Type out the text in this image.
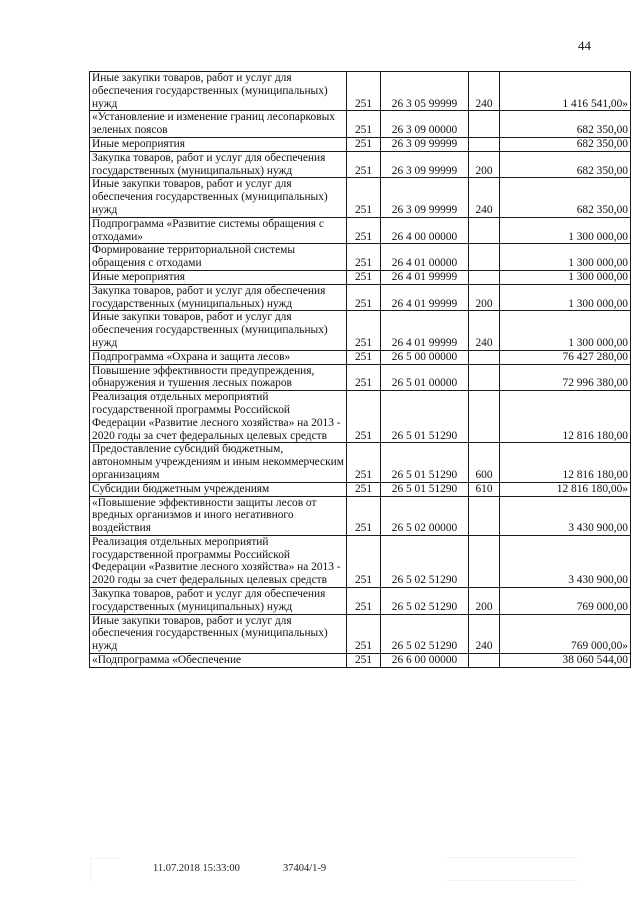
44
Иные закупки товаров, работ и услуг для обеспечения государственных (муниципальных) нужд	251	26 3 05 99999	240	1 416 541,00»
«Установление и изменение границ лесопарковых зеленых поясов	251	26 3 09 00000		682 350,00
Иные мероприятия	251	26 3 09 99999		682 350,00
Закупка товаров, работ и услуг для обеспечения государственных (муниципальных) нужд	251	26 3 09 99999	200	682 350,00
Иные закупки товаров, работ и услуг для обеспечения государственных (муниципальных) нужд	251	26 3 09 99999	240	682 350,00
Подпрограмма «Развитие системы обращения с отходами»	251	26 4 00 00000		1 300 000,00
Формирование территориальной системы обращения с отходами	251	26 4 01 00000		1 300 000,00
Иные мероприятия	251	26 4 01 99999		1 300 000,00
Закупка товаров, работ и услуг для обеспечения государственных (муниципальных) нужд	251	26 4 01 99999	200	1 300 000,00
Иные закупки товаров, работ и услуг для обеспечения государственных (муниципальных) нужд	251	26 4 01 99999	240	1 300 000,00
Подпрограмма «Охрана и защита лесов»	251	26 5 00 00000		76 427 280,00
Повышение эффективности предупреждения, обнаружения и тушения лесных пожаров	251	26 5 01 00000		72 996 380,00
Реализация отдельных мероприятий государственной программы Российской Федерации «Развитие лесного хозяйства» на 2013 - 2020 годы за счет федеральных целевых средств	251	26 5 01 51290		12 816 180,00
Предоставление субсидий бюджетным, автономным учреждениям и иным некоммерческим организациям	251	26 5 01 51290	600	12 816 180,00
Субсидии бюджетным учреждениям	251	26 5 01 51290	610	12 816 180,00»
«Повышение эффективности защиты лесов от вредных организмов и иного негативного воздействия	251	26 5 02 00000		3 430 900,00
Реализация отдельных мероприятий государственной программы Российской Федерации «Развитие лесного хозяйства» на 2013 - 2020 годы за счет федеральных целевых средств	251	26 5 02 51290		3 430 900,00
Закупка товаров, работ и услуг для обеспечения государственных (муниципальных) нужд	251	26 5 02 51290	200	769 000,00
Иные закупки товаров, работ и услуг для обеспечения государственных (муниципальных) нужд	251	26 5 02 51290	240	769 000,00»
«Подпрограмма «Обеспечение	251	26 6 00 00000		38 060 544,00
11.07.2018 15:33:00	37404/1-9
